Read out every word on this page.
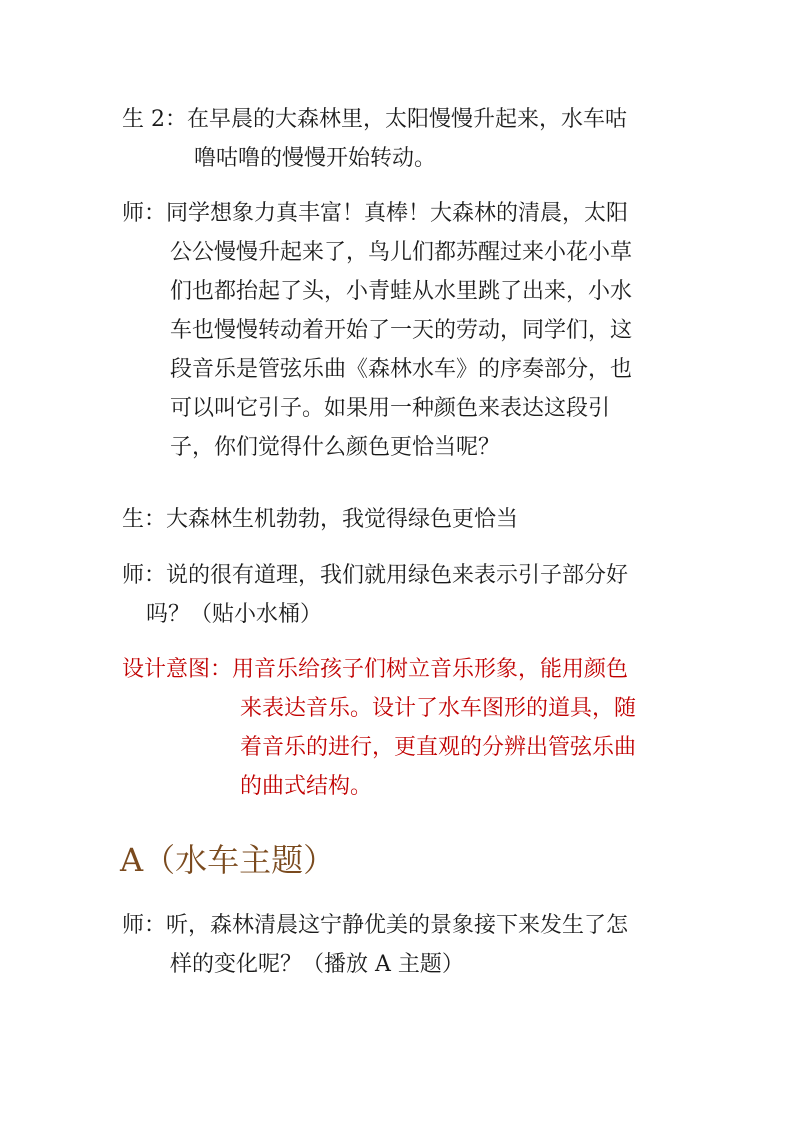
生 2：在早晨的大森林里，太阳慢慢升起来，水车咕
噜咕噜的慢慢开始转动。
师：同学想象力真丰富！真棒！大森林的清晨，太阳
公公慢慢升起来了，鸟儿们都苏醒过来小花小草
们也都抬起了头，小青蛙从水里跳了出来，小水
车也慢慢转动着开始了一天的劳动，同学们，这
段音乐是管弦乐曲《森林水车》的序奏部分，也
可以叫它引子。如果用一种颜色来表达这段引
子，你们觉得什么颜色更恰当呢？
生：大森林生机勃勃，我觉得绿色更恰当
师：说的很有道理，我们就用绿色来表示引子部分好
吗？（贴小水桶）
设计意图：用音乐给孩子们树立音乐形象，能用颜色
来表达音乐。设计了水车图形的道具，随
着音乐的进行，更直观的分辨出管弦乐曲
的曲式结构。
A（水车主题）
师：听，森林清晨这宁静优美的景象接下来发生了怎
样的变化呢？（播放 A 主题）
